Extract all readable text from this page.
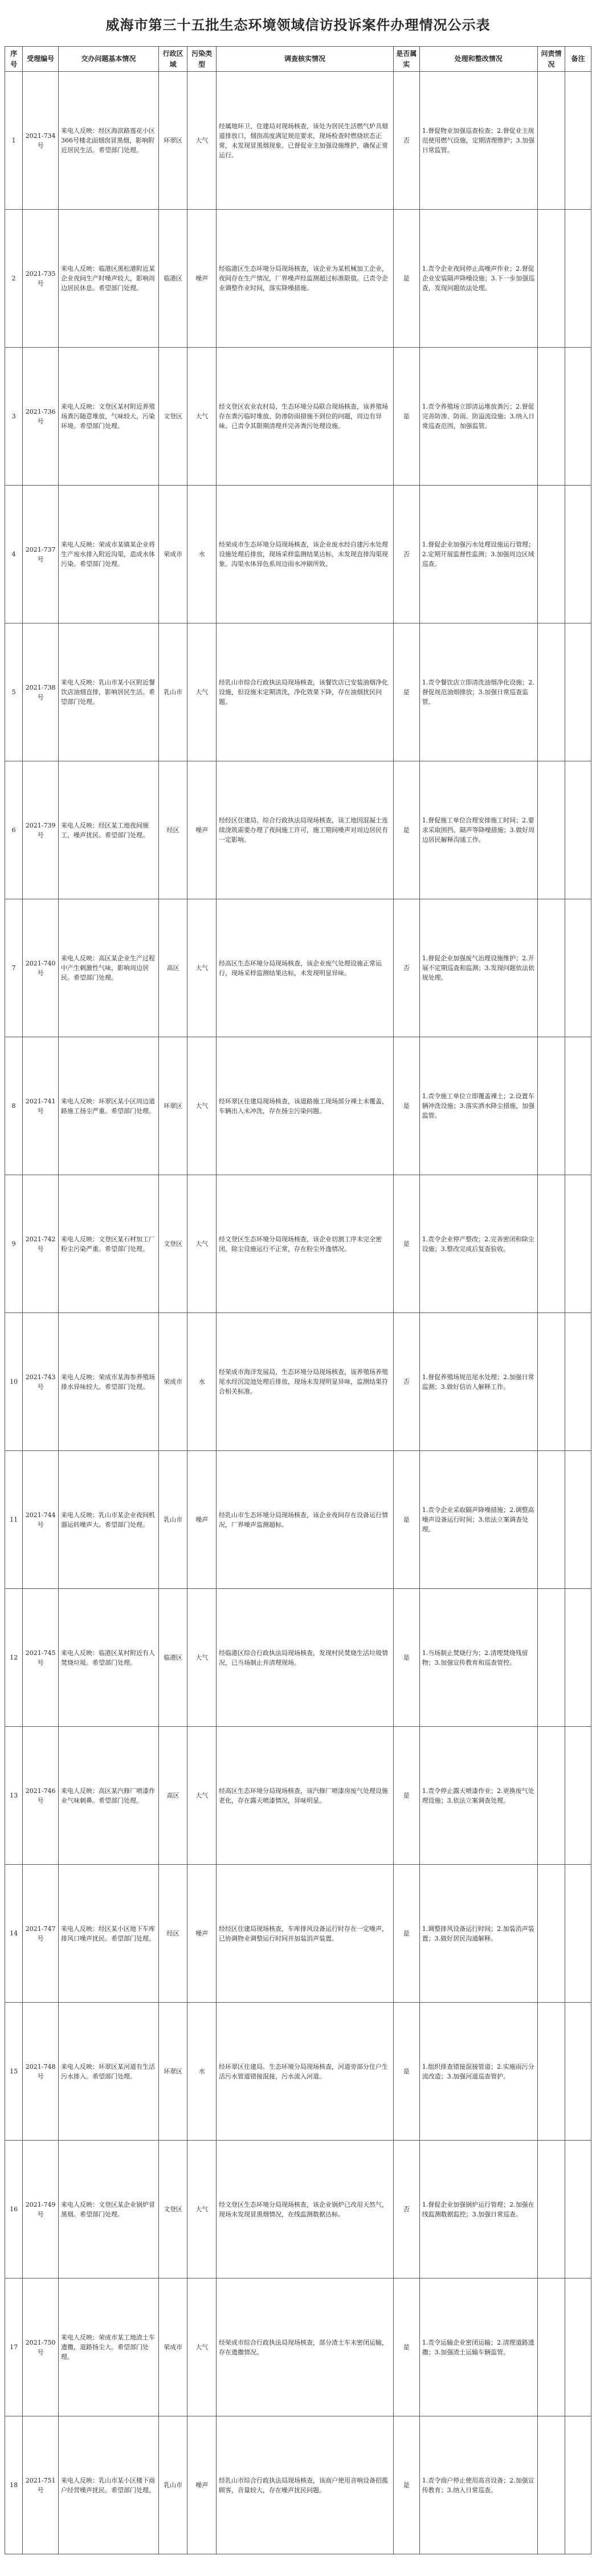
威海市第三十五批生态环境领域信访投诉案件办理情况公示表
序号	受理编号	交办问题基本情况	行政区域	污染类型	调查核实情况	是否属实	处理和整改情况	问责情况	备注
1	2021-734号	来电人反映：经区海滨路莲花小区366号楼北面烟囱冒黑烟，影响附近居民生活。希望部门处理。	环翠区	大气	经属地环卫、住建局对现场核查，该处为居民生活燃气炉具烟道排放口，烟囱高度满足规范要求，现场检查时燃烧状态正常，未发现冒黑烟现象。已督促业主加强设施维护，确保正常运行。	否	1.督促物业加强巡查检查；2.督促业主规范使用燃气设施，定期清理维护；3.加强日常监管。		
2	2021-735号	来电人反映：临港区黑松港附近某企业夜间生产时噪声较大，影响周边居民休息。希望部门处理。	临港区	噪声	经临港区生态环境分局现场核查，该企业为某机械加工企业，夜间存在生产情况，厂界噪声经监测超过标准限值。已责令企业调整作业时间，落实降噪措施。	是	1.责令企业夜间停止高噪声作业；2.督促企业安装隔声降噪设施；3.下一步加强巡查，发现问题依法处理。		
3	2021-736号	来电人反映：文登区某村附近养殖场粪污随意堆放，气味较大，污染环境。希望部门处理。	文登区	大气	经文登区农业农村局、生态环境分局联合现场核查，该养殖场存在粪污临时堆放、防渗防雨措施不到位的问题，周边有异味。已责令其限期清理并完善粪污处理设施。	是	1.责令养殖场立即清运堆放粪污；2.督促完善防渗、防雨、防溢流设施；3.纳入日常巡查范围，加强监管。		
4	2021-737号	来电人反映：荣成市某镇某企业将生产废水排入附近沟渠，造成水体污染。希望部门处理。	荣成市	水	经荣成市生态环境分局现场核查，该企业废水经自建污水处理设施处理后排放，现场采样监测结果达标，未发现直排沟渠现象。沟渠水体异色系周边雨水冲刷所致。	否	1.督促企业加强污水处理设施运行管理；2.定期开展监督性监测；3.加强周边区域巡查。		
5	2021-738号	来电人反映：乳山市某小区附近餐饮店油烟直排，影响居民生活。希望部门处理。	乳山市	大气	经乳山市综合行政执法局现场核查，该餐饮店已安装油烟净化设施，但设施未定期清洗，净化效果下降，存在油烟扰民问题。	是	1.责令餐饮店立即清洗油烟净化设施；2.督促规范油烟排放；3.加强日常巡查监管。		
6	2021-739号	来电人反映：经区某工地夜间施工，噪声扰民。希望部门处理。	经区	噪声	经经区住建局、综合行政执法局现场核查，该工地因混凝土连续浇筑需要办理了夜间施工许可，施工期间噪声对周边居民有一定影响。	是	1.督促施工单位合理安排施工时间；2.要求采取围挡、隔声等降噪措施；3.做好周边居民解释沟通工作。		
7	2021-740号	来电人反映：高区某企业生产过程中产生刺激性气味，影响周边居民。希望部门处理。	高区	大气	经高区生态环境分局现场核查，该企业废气处理设施正常运行，现场采样监测结果达标，未发现明显异味。	否	1.督促企业加强废气治理设施维护；2.开展不定期巡查和监测；3.发现问题依法依规处理。		
8	2021-741号	来电人反映：环翠区某小区周边道路施工扬尘严重。希望部门处理。	环翠区	大气	经环翠区住建局现场核查，该道路施工现场部分裸土未覆盖，车辆出入未冲洗，存在扬尘污染问题。	是	1.责令施工单位立即覆盖裸土；2.设置车辆冲洗设施；3.落实洒水降尘措施，加强监管。		
9	2021-742号	来电人反映：文登区某石材加工厂粉尘污染严重。希望部门处理。	文登区	大气	经文登区生态环境分局现场核查，该企业切割工序未完全密闭，除尘设施运行不正常，存在粉尘外逸情况。	是	1.责令企业停产整改；2.完善密闭和除尘设施；3.整改完成后复查验收。		
10	2021-743号	来电人反映：荣成市某海参养殖场排水异味较大。希望部门处理。	荣成市	水	经荣成市海洋发展局、生态环境分局现场核查，该养殖场养殖尾水经沉淀池处理后排放，现场未发现明显异味，监测结果符合相关标准。	否	1.督促养殖场规范尾水处理；2.加强日常监测；3.做好信访人解释工作。		
11	2021-744号	来电人反映：乳山市某企业夜间机器运转噪声大。希望部门处理。	乳山市	噪声	经乳山市生态环境分局现场核查，该企业夜间存在设备运行情况，厂界噪声监测超标。	是	1.责令企业采取隔声降噪措施；2.调整高噪声设备运行时间；3.依法立案调查处理。		
12	2021-745号	来电人反映：临港区某村附近有人焚烧垃圾。希望部门处理。	临港区	大气	经临港区综合行政执法局现场核查，发现村民焚烧生活垃圾情况，已当场制止并清理现场。	是	1.当场制止焚烧行为；2.清理焚烧残留物；3.加强宣传教育和巡查管控。		
13	2021-746号	来电人反映：高区某汽修厂喷漆作业气味刺鼻。希望部门处理。	高区	大气	经高区生态环境分局现场核查，该汽修厂喷漆房废气处理设施老化，存在露天喷漆情况，异味明显。	是	1.责令停止露天喷漆作业；2.更换废气处理设施；3.依法立案调查处理。		
14	2021-747号	来电人反映：经区某小区地下车库排风口噪声扰民。希望部门处理。	经区	噪声	经经区住建局现场核查，车库排风设备运行时存在一定噪声，已协调物业调整运行时间并加装消声装置。	是	1.调整排风设备运行时间；2.加装消声装置；3.做好居民沟通解释。		
15	2021-748号	来电人反映：环翠区某河道有生活污水排入。希望部门处理。	环翠区	水	经环翠区住建局、生态环境分局现场核查，河道旁部分住户生活污水管道错接混接，污水流入河道。	是	1.组织排查错接混接管道；2.实施雨污分流改造；3.加强河道巡查管护。		
16	2021-749号	来电人反映：文登区某企业锅炉冒黑烟。希望部门处理。	文登区	大气	经文登区生态环境分局现场核查，该企业锅炉已改用天然气，现场未发现冒黑烟情况，在线监测数据达标。	否	1.督促企业加强锅炉运行管理；2.加强在线监测数据监控；3.加强日常巡查。		
17	2021-750号	来电人反映：荣成市某工地渣土车遗撒，道路扬尘大。希望部门处理。	荣成市	大气	经荣成市综合行政执法局现场核查，部分渣土车未密闭运输，存在遗撒情况。	是	1.责令运输企业密闭运输；2.清理道路遗撒；3.加强渣土运输车辆监管。		
18	2021-751号	来电人反映：乳山市某小区楼下商户经营噪声扰民。希望部门处理。	乳山市	噪声	经乳山市综合行政执法局现场核查，该商户使用音响设备招揽顾客，音量较大，存在噪声扰民问题。	是	1.责令商户停止使用高音设备；2.加强宣传教育；3.纳入日常巡查。		
